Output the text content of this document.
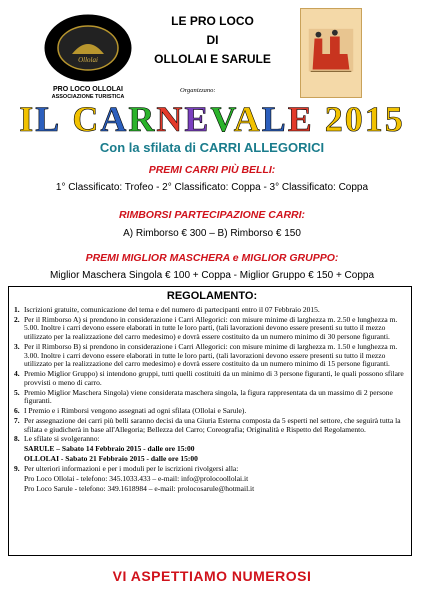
Ollolai
PRO LOCO OLLOLAI
ASSOCIAZIONE TURISTICA
LE PRO LOCO
DI
OLLOLAI E SARULE
Organizzano:
IL CARNEVALE 2015
Con la sfilata di CARRI ALLEGORICI
PREMI CARRI PIÙ BELLI:
1° Classificato: Trofeo - 2° Classificato: Coppa - 3° Classificato: Coppa
RIMBORSI PARTECIPAZIONE CARRI:
A) Rimborso € 300 – B) Rimborso € 150
PREMI MIGLIOR MASCHERA e MIGLIOR GRUPPO:
Miglior Maschera Singola € 100 + Coppa - Miglior Gruppo € 150 + Coppa
REGOLAMENTO:
1. Iscrizioni gratuite, comunicazione del tema e del numero di partecipanti entro il 07 Febbraio 2015.
2. Per il Rimborso A) si prendono in considerazione i Carri Allegorici: con misure minime di larghezza m. 2.50 e lunghezza m. 5.00. Inoltre i carri devono essere elaborati in tutte le loro parti, (tali lavorazioni devono essere presenti su tutto il mezzo utilizzato per la realizzazione del carro medesimo) e dovrà essere costituito da un numero minimo di 30 persone figuranti.
3. Per il Rimborso B) si prendono in considerazione i Carri Allegorici: con misure minime di larghezza m. 1.50 e lunghezza m. 3.00. Inoltre i carri devono essere elaborati in tutte le loro parti, (tali lavorazioni devono essere presenti su tutto il mezzo utilizzato per la realizzazione del carro medesimo) e dovrà essere costituito da un numero minimo di 15 persone figuranti.
4. Premio Miglior Gruppo) si intendono gruppi, tutti quelli costituiti da un minimo di 3 persone figuranti, le quali possono sfilare provvisti o meno di carro.
5. Premio Miglior Maschera Singola) viene considerata maschera singola, la figura rappresentata da un massimo di 2 persone figuranti.
6. I Premio e i Rimborsi vengono assegnati ad ogni sfilata (Ollolai e Sarule).
7. Per assegnazione dei carri più belli saranno decisi da una Giuria Esterna composta da 5 esperti nel settore, che seguirà tutta la sfilata e giudicherà in base all'Allegoria; Bellezza del Carro; Coreografia; Originalità e Rispetto del Regolamento.
8. Le sfilate si svolgeranno:
SARULE – Sabato 14 Febbraio 2015 - dalle ore 15:00
OLLOLAI - Sabato 21 Febbraio 2015 - dalle ore 15:00
9. Per ulteriori informazioni e per i moduli per le iscrizioni rivolgersi alla:
Pro Loco Ollolai - telefono: 345.1033.433 – e-mail: info@prolocoollolai.it
Pro Loco Sarule - telefono: 349.1618984 – e-mail: prolocosarule@hotmail.it
VI ASPETTIAMO NUMEROSI
